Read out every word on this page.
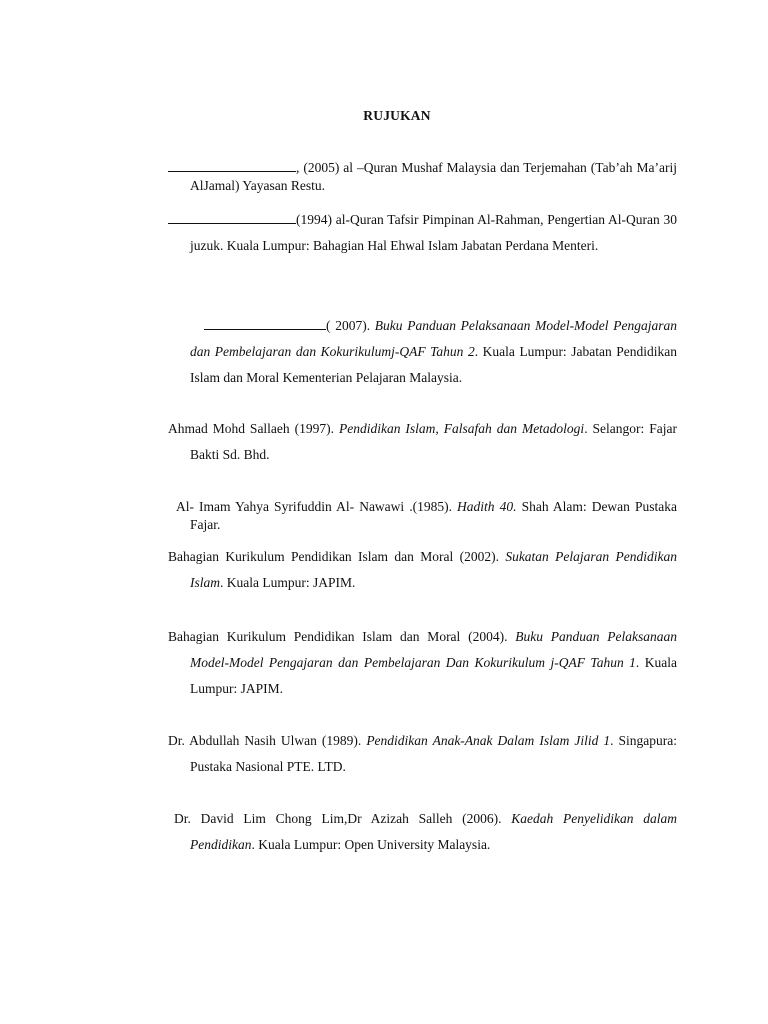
RUJUKAN
, (2005) al –Quran Mushaf Malaysia dan Terjemahan (Tab’ah Ma’arij AlJamal) Yayasan Restu.
(1994) al-Quran Tafsir Pimpinan Al-Rahman, Pengertian Al-Quran 30 juzuk. Kuala Lumpur: Bahagian Hal Ehwal Islam Jabatan Perdana Menteri.
( 2007). Buku Panduan Pelaksanaan Model-Model Pengajaran dan Pembelajaran dan Kokurikulumj-QAF Tahun 2. Kuala Lumpur: Jabatan Pendidikan Islam dan Moral Kementerian Pelajaran Malaysia.
Ahmad Mohd Sallaeh (1997). Pendidikan Islam, Falsafah dan Metadologi. Selangor: Fajar Bakti Sd. Bhd.
Al- Imam Yahya Syrifuddin Al- Nawawi .(1985). Hadith 40. Shah Alam: Dewan Pustaka Fajar.
Bahagian Kurikulum Pendidikan Islam dan Moral (2002). Sukatan Pelajaran Pendidikan Islam. Kuala Lumpur: JAPIM.
Bahagian Kurikulum Pendidikan Islam dan Moral (2004). Buku Panduan Pelaksanaan Model-Model Pengajaran dan Pembelajaran Dan Kokurikulum j-QAF Tahun 1. Kuala Lumpur: JAPIM.
Dr. Abdullah Nasih Ulwan (1989). Pendidikan Anak-Anak Dalam Islam Jilid 1. Singapura: Pustaka Nasional PTE. LTD.
Dr. David Lim Chong Lim,Dr Azizah Salleh (2006). Kaedah Penyelidikan dalam Pendidikan. Kuala Lumpur: Open University Malaysia.
